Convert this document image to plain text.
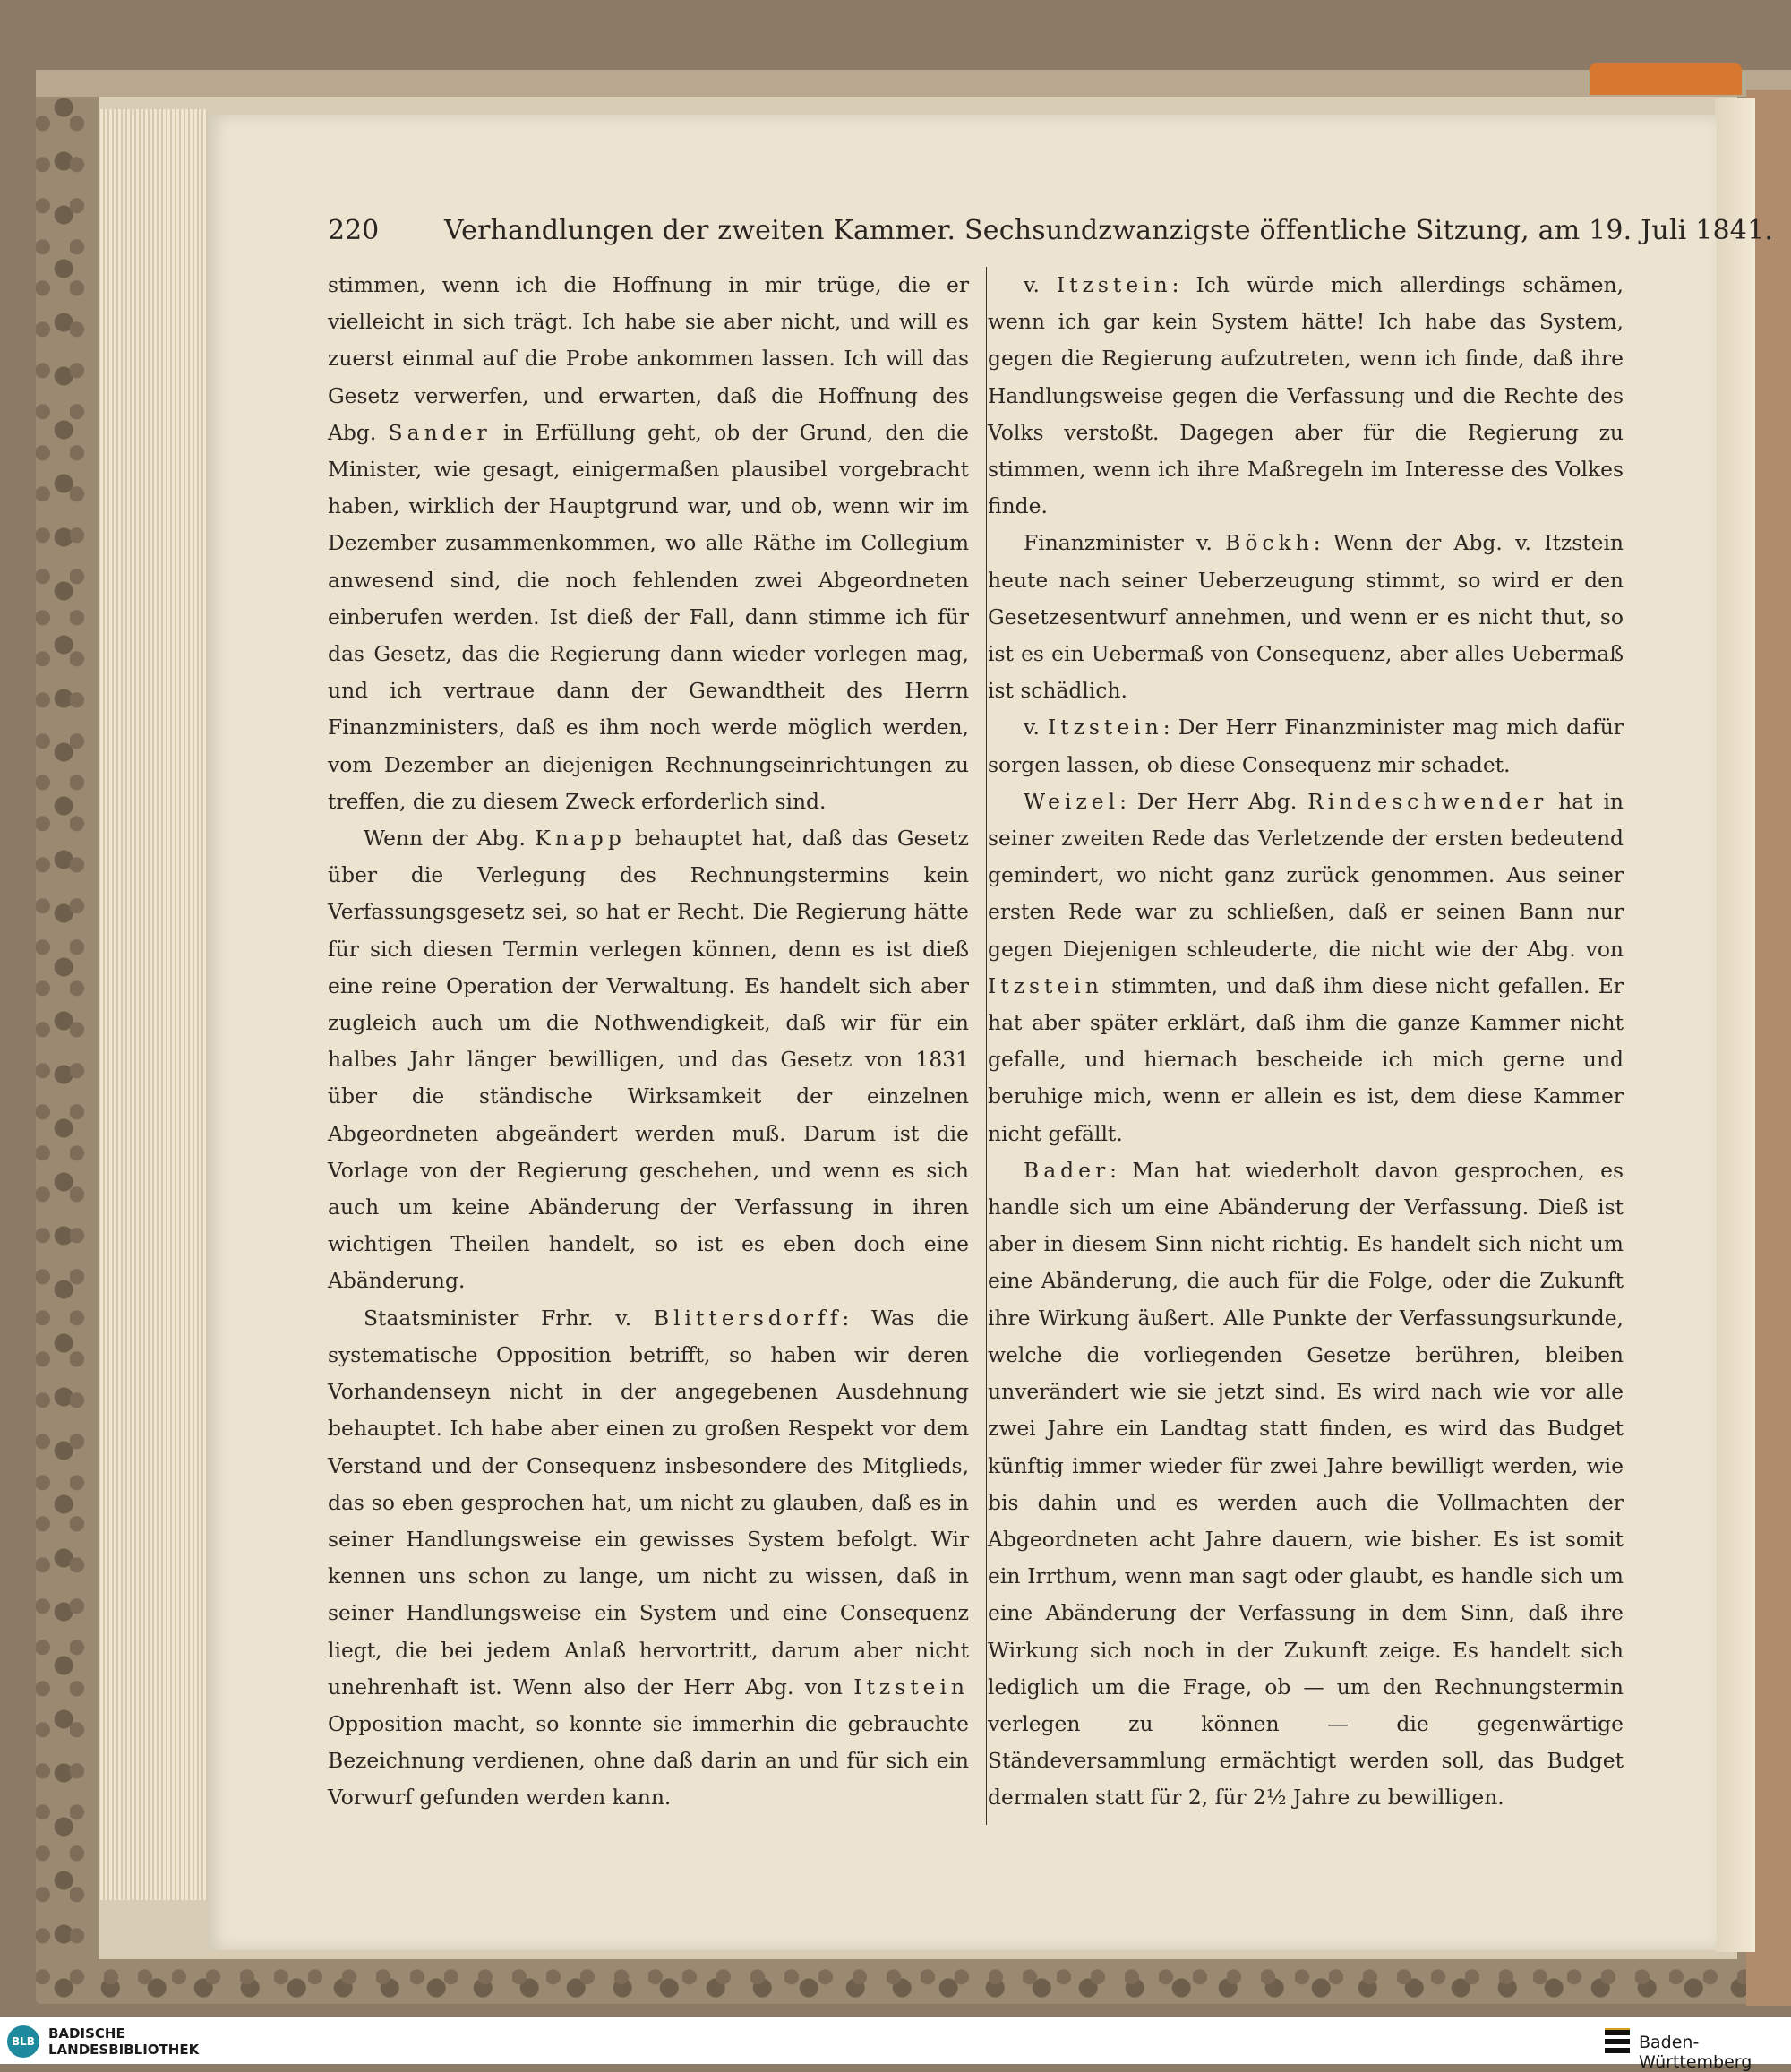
220 Verhandlungen der zweiten Kammer. Sechsundzwanzigste öffentliche Sitzung, am 19. Juli 1841.

stimmen, wenn ich die Hoffnung in mir trüge, die er vielleicht in sich trägt. Ich habe sie aber nicht, und will es zuerst einmal auf die Probe ankommen lassen. Ich will das Gesetz verwerfen, und erwarten, daß die Hoffnung des Abg. Sander in Erfüllung geht, ob der Grund, den die Minister, wie gesagt, einigermaßen plausibel vorgebracht haben, wirklich der Hauptgrund war, und ob, wenn wir im Dezember zusammenkommen, wo alle Räthe im Collegium anwesend sind, die noch fehlenden zwei Abgeordneten einberufen werden. Ist dieß der Fall, dann stimme ich für das Gesetz, das die Regierung dann wieder vorlegen mag, und ich vertraue dann der Gewandtheit des Herrn Finanzministers, daß es ihm noch werde möglich werden, vom Dezember an diejenigen Rechnungseinrichtungen zu treffen, die zu diesem Zweck erforderlich sind.

Wenn der Abg. Knapp behauptet hat, daß das Gesetz über die Verlegung des Rechnungstermins kein Verfassungsgesetz sei, so hat er Recht. Die Regierung hätte für sich diesen Termin verlegen können, denn es ist dieß eine reine Operation der Verwaltung. Es handelt sich aber zugleich auch um die Nothwendigkeit, daß wir für ein halbes Jahr länger bewilligen, und das Gesetz von 1831 über die ständische Wirksamkeit der einzelnen Abgeordneten abgeändert werden muß. Darum ist die Vorlage von der Regierung geschehen, und wenn es sich auch um keine Abänderung der Verfassung in ihren wichtigen Theilen handelt, so ist es eben doch eine Abänderung.

Staatsminister Frhr. v. Blittersdorff: Was die systematische Opposition betrifft, so haben wir deren Vorhandenseyn nicht in der angegebenen Ausdehnung behauptet. Ich habe aber einen zu großen Respekt vor dem Verstand und der Consequenz insbesondere des Mitglieds, das so eben gesprochen hat, um nicht zu glauben, daß es in seiner Handlungsweise ein gewisses System befolgt. Wir kennen uns schon zu lange, um nicht zu wissen, daß in seiner Handlungsweise ein System und eine Consequenz liegt, die bei jedem Anlaß hervortritt, darum aber nicht unehrenhaft ist. Wenn also der Herr Abg. von Itzstein Opposition macht, so konnte sie immerhin die gebrauchte Bezeichnung verdienen, ohne daß darin an und für sich ein Vorwurf gefunden werden kann.

v. Itzstein: Ich würde mich allerdings schämen, wenn ich gar kein System hätte! Ich habe das System, gegen die Regierung aufzutreten, wenn ich finde, daß ihre Handlungsweise gegen die Verfassung und die Rechte des Volks verstoßt. Dagegen aber für die Regierung zu stimmen, wenn ich ihre Maßregeln im Interesse des Volkes finde.

Finanzminister v. Böckh: Wenn der Abg. v. Itzstein heute nach seiner Ueberzeugung stimmt, so wird er den Gesetzesentwurf annehmen, und wenn er es nicht thut, so ist es ein Uebermaß von Consequenz, aber alles Uebermaß ist schädlich.

v. Itzstein: Der Herr Finanzminister mag mich dafür sorgen lassen, ob diese Consequenz mir schadet.

Weizel: Der Herr Abg. Rindeschwender hat in seiner zweiten Rede das Verletzende der ersten bedeutend gemindert, wo nicht ganz zurück genommen. Aus seiner ersten Rede war zu schließen, daß er seinen Bann nur gegen Diejenigen schleuderte, die nicht wie der Abg. von Itzstein stimmten, und daß ihm diese nicht gefallen. Er hat aber später erklärt, daß ihm die ganze Kammer nicht gefalle, und hiernach bescheide ich mich gerne und beruhige mich, wenn er allein es ist, dem diese Kammer nicht gefällt.

Bader: Man hat wiederholt davon gesprochen, es handle sich um eine Abänderung der Verfassung. Dieß ist aber in diesem Sinn nicht richtig. Es handelt sich nicht um eine Abänderung, die auch für die Folge, oder die Zukunft ihre Wirkung äußert. Alle Punkte der Verfassungsurkunde, welche die vorliegenden Gesetze berühren, bleiben unverändert wie sie jetzt sind. Es wird nach wie vor alle zwei Jahre ein Landtag statt finden, es wird das Budget künftig immer wieder für zwei Jahre bewilligt werden, wie bis dahin und es werden auch die Vollmachten der Abgeordneten acht Jahre dauern, wie bisher. Es ist somit ein Irrthum, wenn man sagt oder glaubt, es handle sich um eine Abänderung der Verfassung in dem Sinn, daß ihre Wirkung sich noch in der Zukunft zeige. Es handelt sich lediglich um die Frage, ob — um den Rechnungstermin verlegen zu können — die gegenwärtige Ständeversammlung ermächtigt werden soll, das Budget dermalen statt für 2, für 2½ Jahre zu bewilligen.

BLB	BADISCHE
LANDESBIBLIOTHEK	Baden-Württemberg
